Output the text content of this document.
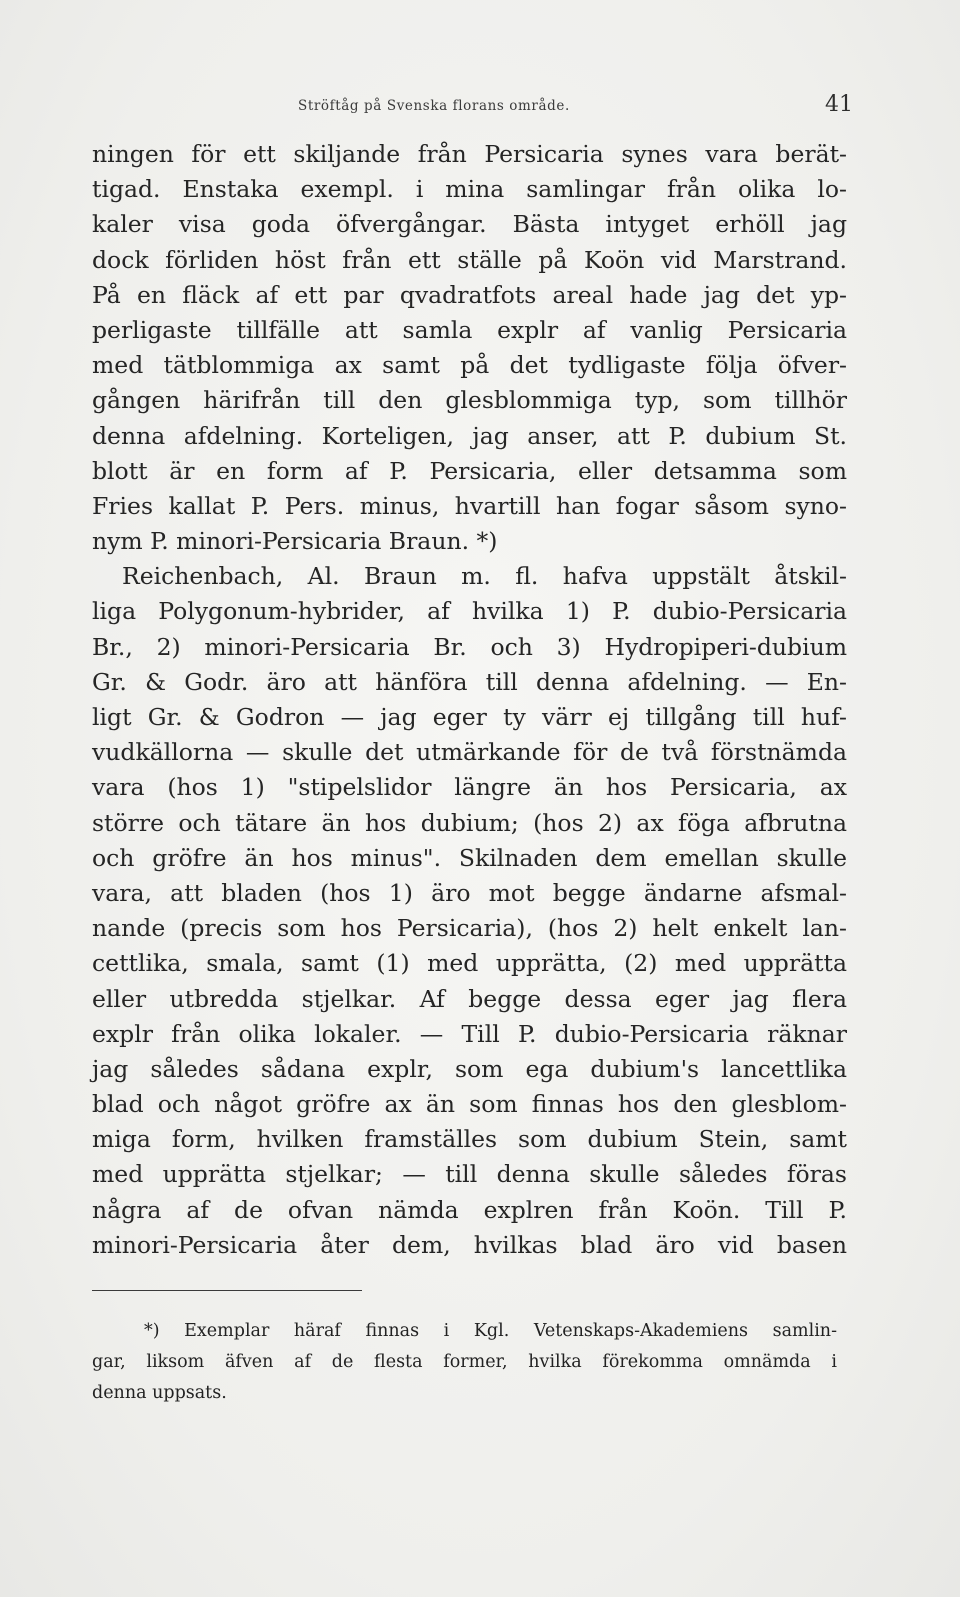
Ströftåg på Svenska florans område.	41
ningen för ett skiljande från Persicaria synes vara berät-
tigad. Enstaka exempl. i mina samlingar från olika lo-
kaler visa goda öfvergångar. Bästa intyget erhöll jag
dock förliden höst från ett ställe på Koön vid Marstrand.
På en fläck af ett par qvadratfots areal hade jag det yp-
perligaste tillfälle att samla explr af vanlig Persicaria
med tätblommiga ax samt på det tydligaste följa öfver-
gången härifrån till den glesblommiga typ, som tillhör
denna afdelning. Korteligen, jag anser, att P. dubium St.
blott är en form af P. Persicaria, eller detsamma som
Fries kallat P. Pers. minus, hvartill han fogar såsom syno-
nym P. minori-Persicaria Braun. *)
Reichenbach, Al. Braun m. fl. hafva uppstält åtskil-
liga Polygonum-hybrider, af hvilka 1) P. dubio-Persicaria
Br., 2) minori-Persicaria Br. och 3) Hydropiperi-dubium
Gr. & Godr. äro att hänföra till denna afdelning. — En-
ligt Gr. & Godron — jag eger ty värr ej tillgång till huf-
vudkällorna — skulle det utmärkande för de två förstnämda
vara (hos 1) "stipelslidor längre än hos Persicaria, ax
större och tätare än hos dubium; (hos 2) ax föga afbrutna
och gröfre än hos minus". Skilnaden dem emellan skulle
vara, att bladen (hos 1) äro mot begge ändarne afsmal-
nande (precis som hos Persicaria), (hos 2) helt enkelt lan-
cettlika, smala, samt (1) med upprätta, (2) med upprätta
eller utbredda stjelkar. Af begge dessa eger jag flera
explr från olika lokaler. — Till P. dubio-Persicaria räknar
jag således sådana explr, som ega dubium's lancettlika
blad och något gröfre ax än som finnas hos den glesblom-
miga form, hvilken framställes som dubium Stein, samt
med upprätta stjelkar; — till denna skulle således föras
några af de ofvan nämda explren från Koön. Till P.
minori-Persicaria åter dem, hvilkas blad äro vid basen
*) Exemplar häraf finnas i Kgl. Vetenskaps-Akademiens samlin-
gar, liksom äfven af de flesta former, hvilka förekomma omnämda i
denna uppsats.
